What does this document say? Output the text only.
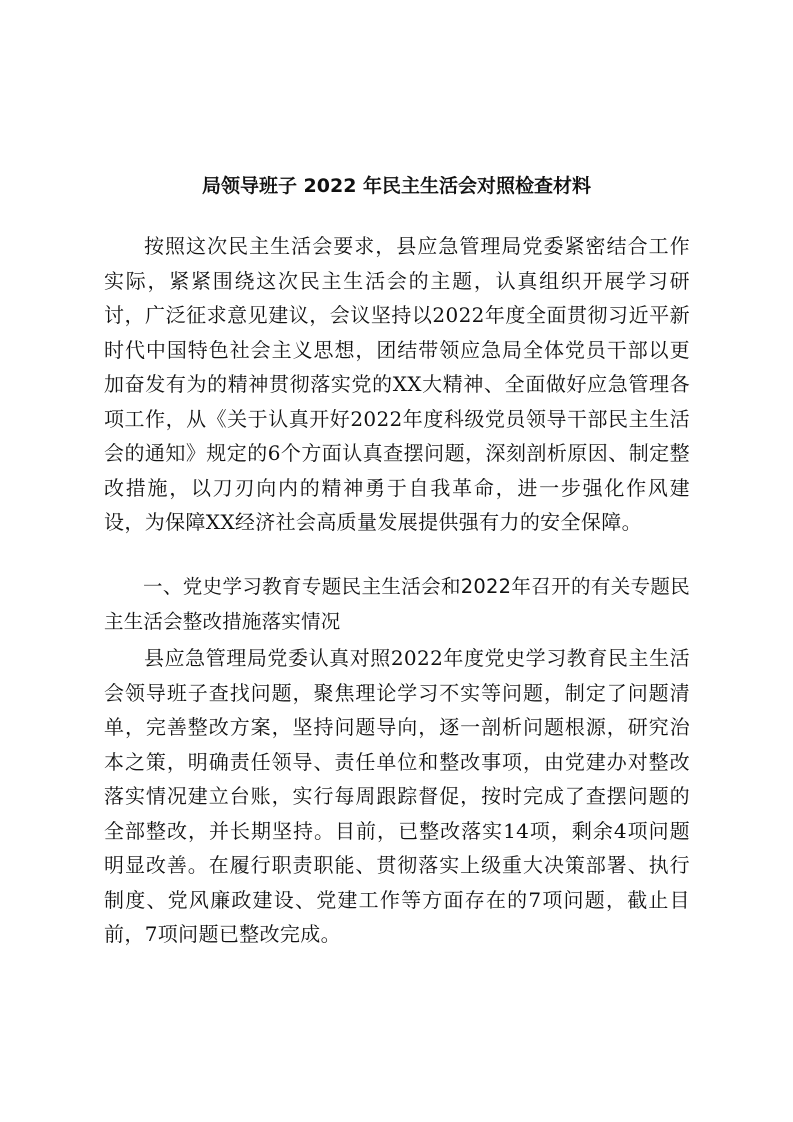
局领导班子 2022 年民主生活会对照检查材料

按照这次民主生活会要求，县应急管理局党委紧密结合工作实际，紧紧围绕这次民主生活会的主题，认真组织开展学习研讨，广泛征求意见建议，会议坚持以2022年度全面贯彻习近平新时代中国特色社会主义思想，团结带领应急局全体党员干部以更加奋发有为的精神贯彻落实党的XX大精神、全面做好应急管理各项工作，从《关于认真开好2022年度科级党员领导干部民主生活会的通知》规定的6个方面认真查摆问题，深刻剖析原因、制定整改措施，以刀刃向内的精神勇于自我革命，进一步强化作风建设，为保障XX经济社会高质量发展提供强有力的安全保障。

一、党史学习教育专题民主生活会和2022年召开的有关专题民主生活会整改措施落实情况

县应急管理局党委认真对照2022年度党史学习教育民主生活会领导班子查找问题，聚焦理论学习不实等问题，制定了问题清单，完善整改方案，坚持问题导向，逐一剖析问题根源，研究治本之策，明确责任领导、责任单位和整改事项，由党建办对整改落实情况建立台账，实行每周跟踪督促，按时完成了查摆问题的全部整改，并长期坚持。目前，已整改落实14项，剩余4项问题明显改善。在履行职责职能、贯彻落实上级重大决策部署、执行制度、党风廉政建设、党建工作等方面存在的7项问题，截止目前，7项问题已整改完成。
